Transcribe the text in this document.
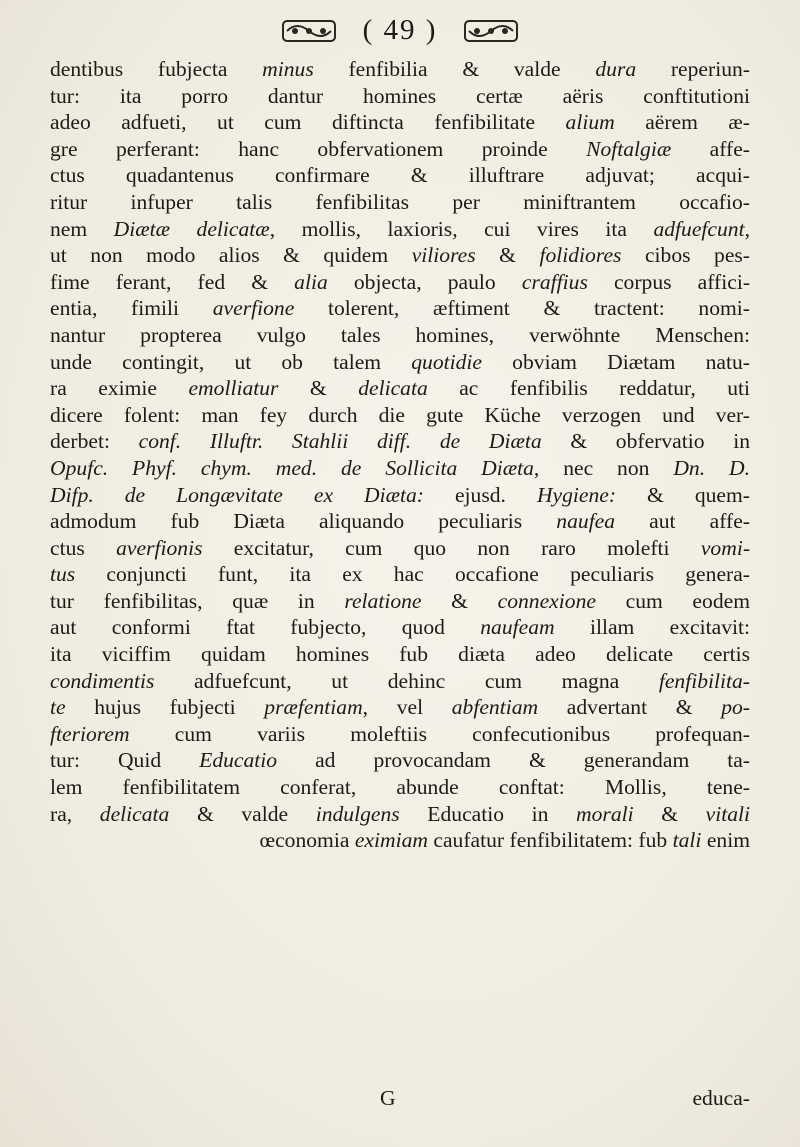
( 49 )
dentibus fubjecta minus fenfibilia & valde dura reperiun-
tur: ita porro dantur homines certæ aëris conftitutioni
adeo adfueti, ut cum diftincta fenfibilitate alium aërem æ-
gre perferant: hanc obfervationem proinde Noftalgiæ affe-
ctus quadantenus confirmare & illuftrare adjuvat; acqui-
ritur infuper talis fenfibilitas per miniftrantem occafio-
nem Diætæ delicatæ, mollis, laxioris, cui vires ita adfuefcunt,
ut non modo alios & quidem viliores & folidiores cibos pes-
fime ferant, fed & alia objecta, paulo craffius corpus affici-
entia, fimili averfione tolerent, æftiment & tractent: nomi-
nantur propterea vulgo tales homines, verwöhnte Menschen:
unde contingit, ut ob talem quotidie obviam Diætam natu-
ra eximie emolliatur & delicata ac fenfibilis reddatur, uti
dicere folent: man fey durch die gute Küche verzogen und ver-
derbet: conf. Illuftr. Stahlii diff. de Diæta & obfervatio in
Opufc. Phyf. chym. med. de Sollicita Diæta, nec non Dn. D.
Difp. de Longævitate ex Diæta: ejusd. Hygiene: & quem-
admodum fub Diæta aliquando peculiaris naufea aut affe-
ctus averfionis excitatur, cum quo non raro molefti vomi-
tus conjuncti funt, ita ex hac occafione peculiaris genera-
tur fenfibilitas, quæ in relatione & connexione cum eodem
aut conformi ftat fubjecto, quod naufeam illam excitavit:
ita viciffim quidam homines fub diæta adeo delicate certis
condimentis adfuefcunt, ut dehinc cum magna fenfibilita-
te hujus fubjecti præfentiam, vel abfentiam advertant & po-
fteriorem cum variis moleftiis confecutionibus profequan-
tur: Quid Educatio ad provocandam & generandam ta-
lem fenfibilitatem conferat, abunde conftat: Mollis, tene-
ra, delicata & valde indulgens Educatio in morali & vitali
œconomia eximiam caufatur fenfibilitatem: fub tali enim
G	educa-
